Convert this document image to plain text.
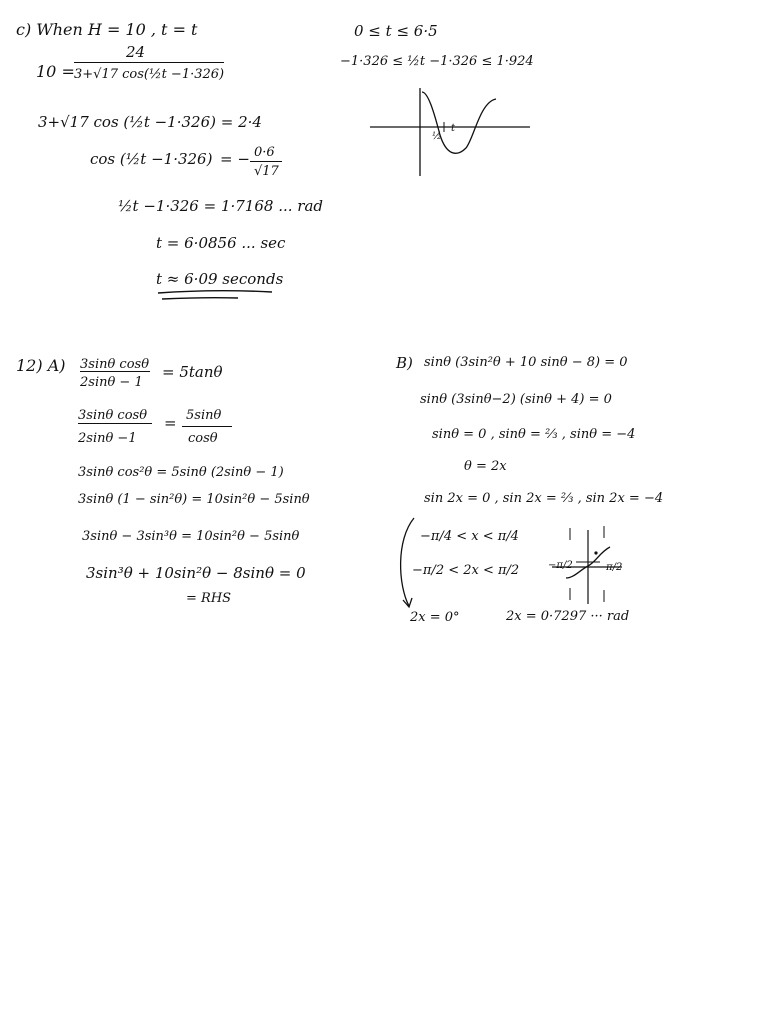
c) When H = 10 , t = t
10 =
24
3+√17 cos(½t −1·326)
3+√17 cos (½t −1·326) = 2·4
cos (½t −1·326) = − 0·6
√17
½t −1·326 = 1·7168 ... rad
t = 6·0856 ... sec
t ≈ 6·09 seconds
0 ≤ t ≤ 6·5
−1·326 ≤ ½t −1·326 ≤ 1·924
½
t
12) A) 3sinθ cosθ
2sinθ − 1
= 5tanθ
3sinθ cosθ
2sinθ −1
= 5sinθ
cosθ
3sinθ cos²θ = 5sinθ (2sinθ − 1)
3sinθ (1 − sin²θ) = 10sin²θ − 5sinθ
3sinθ − 3sin³θ = 10sin²θ − 5sinθ
3sin³θ + 10sin²θ − 8sinθ = 0
= RHS
B) sinθ (3sin²θ + 10 sinθ − 8) = 0
sinθ (3sinθ−2) (sinθ + 4) = 0
sinθ = 0 , sinθ = ⅔ , sinθ = −4
θ = 2x
sin 2x = 0 , sin 2x = ⅔ , sin 2x = −4
−π/4 < x < π/4
−π/2 < 2x < π/2
2x = 0°	2x = 0·7297 ··· rad
−π/2	π/2
